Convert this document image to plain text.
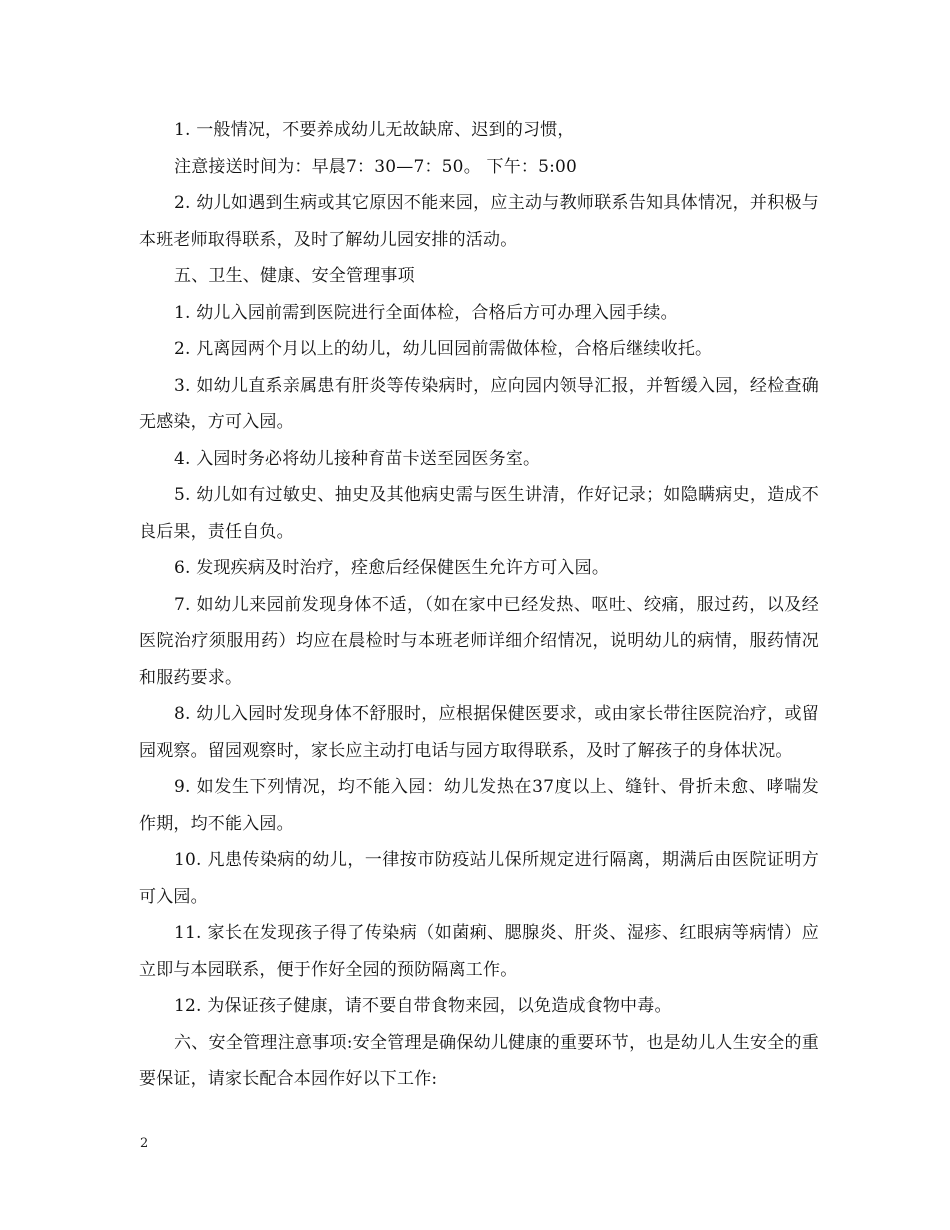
1. 一般情况，不要养成幼儿无故缺席、迟到的习惯，

注意接送时间为：早晨7：30—7：50。 下午：5:00

2. 幼儿如遇到生病或其它原因不能来园，应主动与教师联系告知具体情况，并积极与本班老师取得联系，及时了解幼儿园安排的活动。

五、卫生、健康、安全管理事项

1. 幼儿入园前需到医院进行全面体检，合格后方可办理入园手续。

2. 凡离园两个月以上的幼儿，幼儿回园前需做体检，合格后继续收托。

3. 如幼儿直系亲属患有肝炎等传染病时，应向园内领导汇报，并暂缓入园，经检查确无感染，方可入园。

4. 入园时务必将幼儿接种育苗卡送至园医务室。

5. 幼儿如有过敏史、抽史及其他病史需与医生讲清，作好记录；如隐瞒病史，造成不良后果，责任自负。

6. 发现疾病及时治疗，痊愈后经保健医生允许方可入园。

7. 如幼儿来园前发现身体不适，（如在家中已经发热、呕吐、绞痛，服过药，以及经医院治疗须服用药）均应在晨检时与本班老师详细介绍情况，说明幼儿的病情，服药情况和服药要求。

8. 幼儿入园时发现身体不舒服时，应根据保健医要求，或由家长带往医院治疗，或留园观察。留园观察时，家长应主动打电话与园方取得联系，及时了解孩子的身体状况。

9. 如发生下列情况，均不能入园：幼儿发热在37度以上、缝针、骨折未愈、哮喘发作期，均不能入园。

10. 凡患传染病的幼儿，一律按市防疫站儿保所规定进行隔离，期满后由医院证明方可入园。

11. 家长在发现孩子得了传染病（如菌痢、腮腺炎、肝炎、湿疹、红眼病等病情）应立即与本园联系，便于作好全园的预防隔离工作。

12. 为保证孩子健康，请不要自带食物来园，以免造成食物中毒。

六、安全管理注意事项:安全管理是确保幼儿健康的重要环节，也是幼儿人生安全的重要保证，请家长配合本园作好以下工作:

2
